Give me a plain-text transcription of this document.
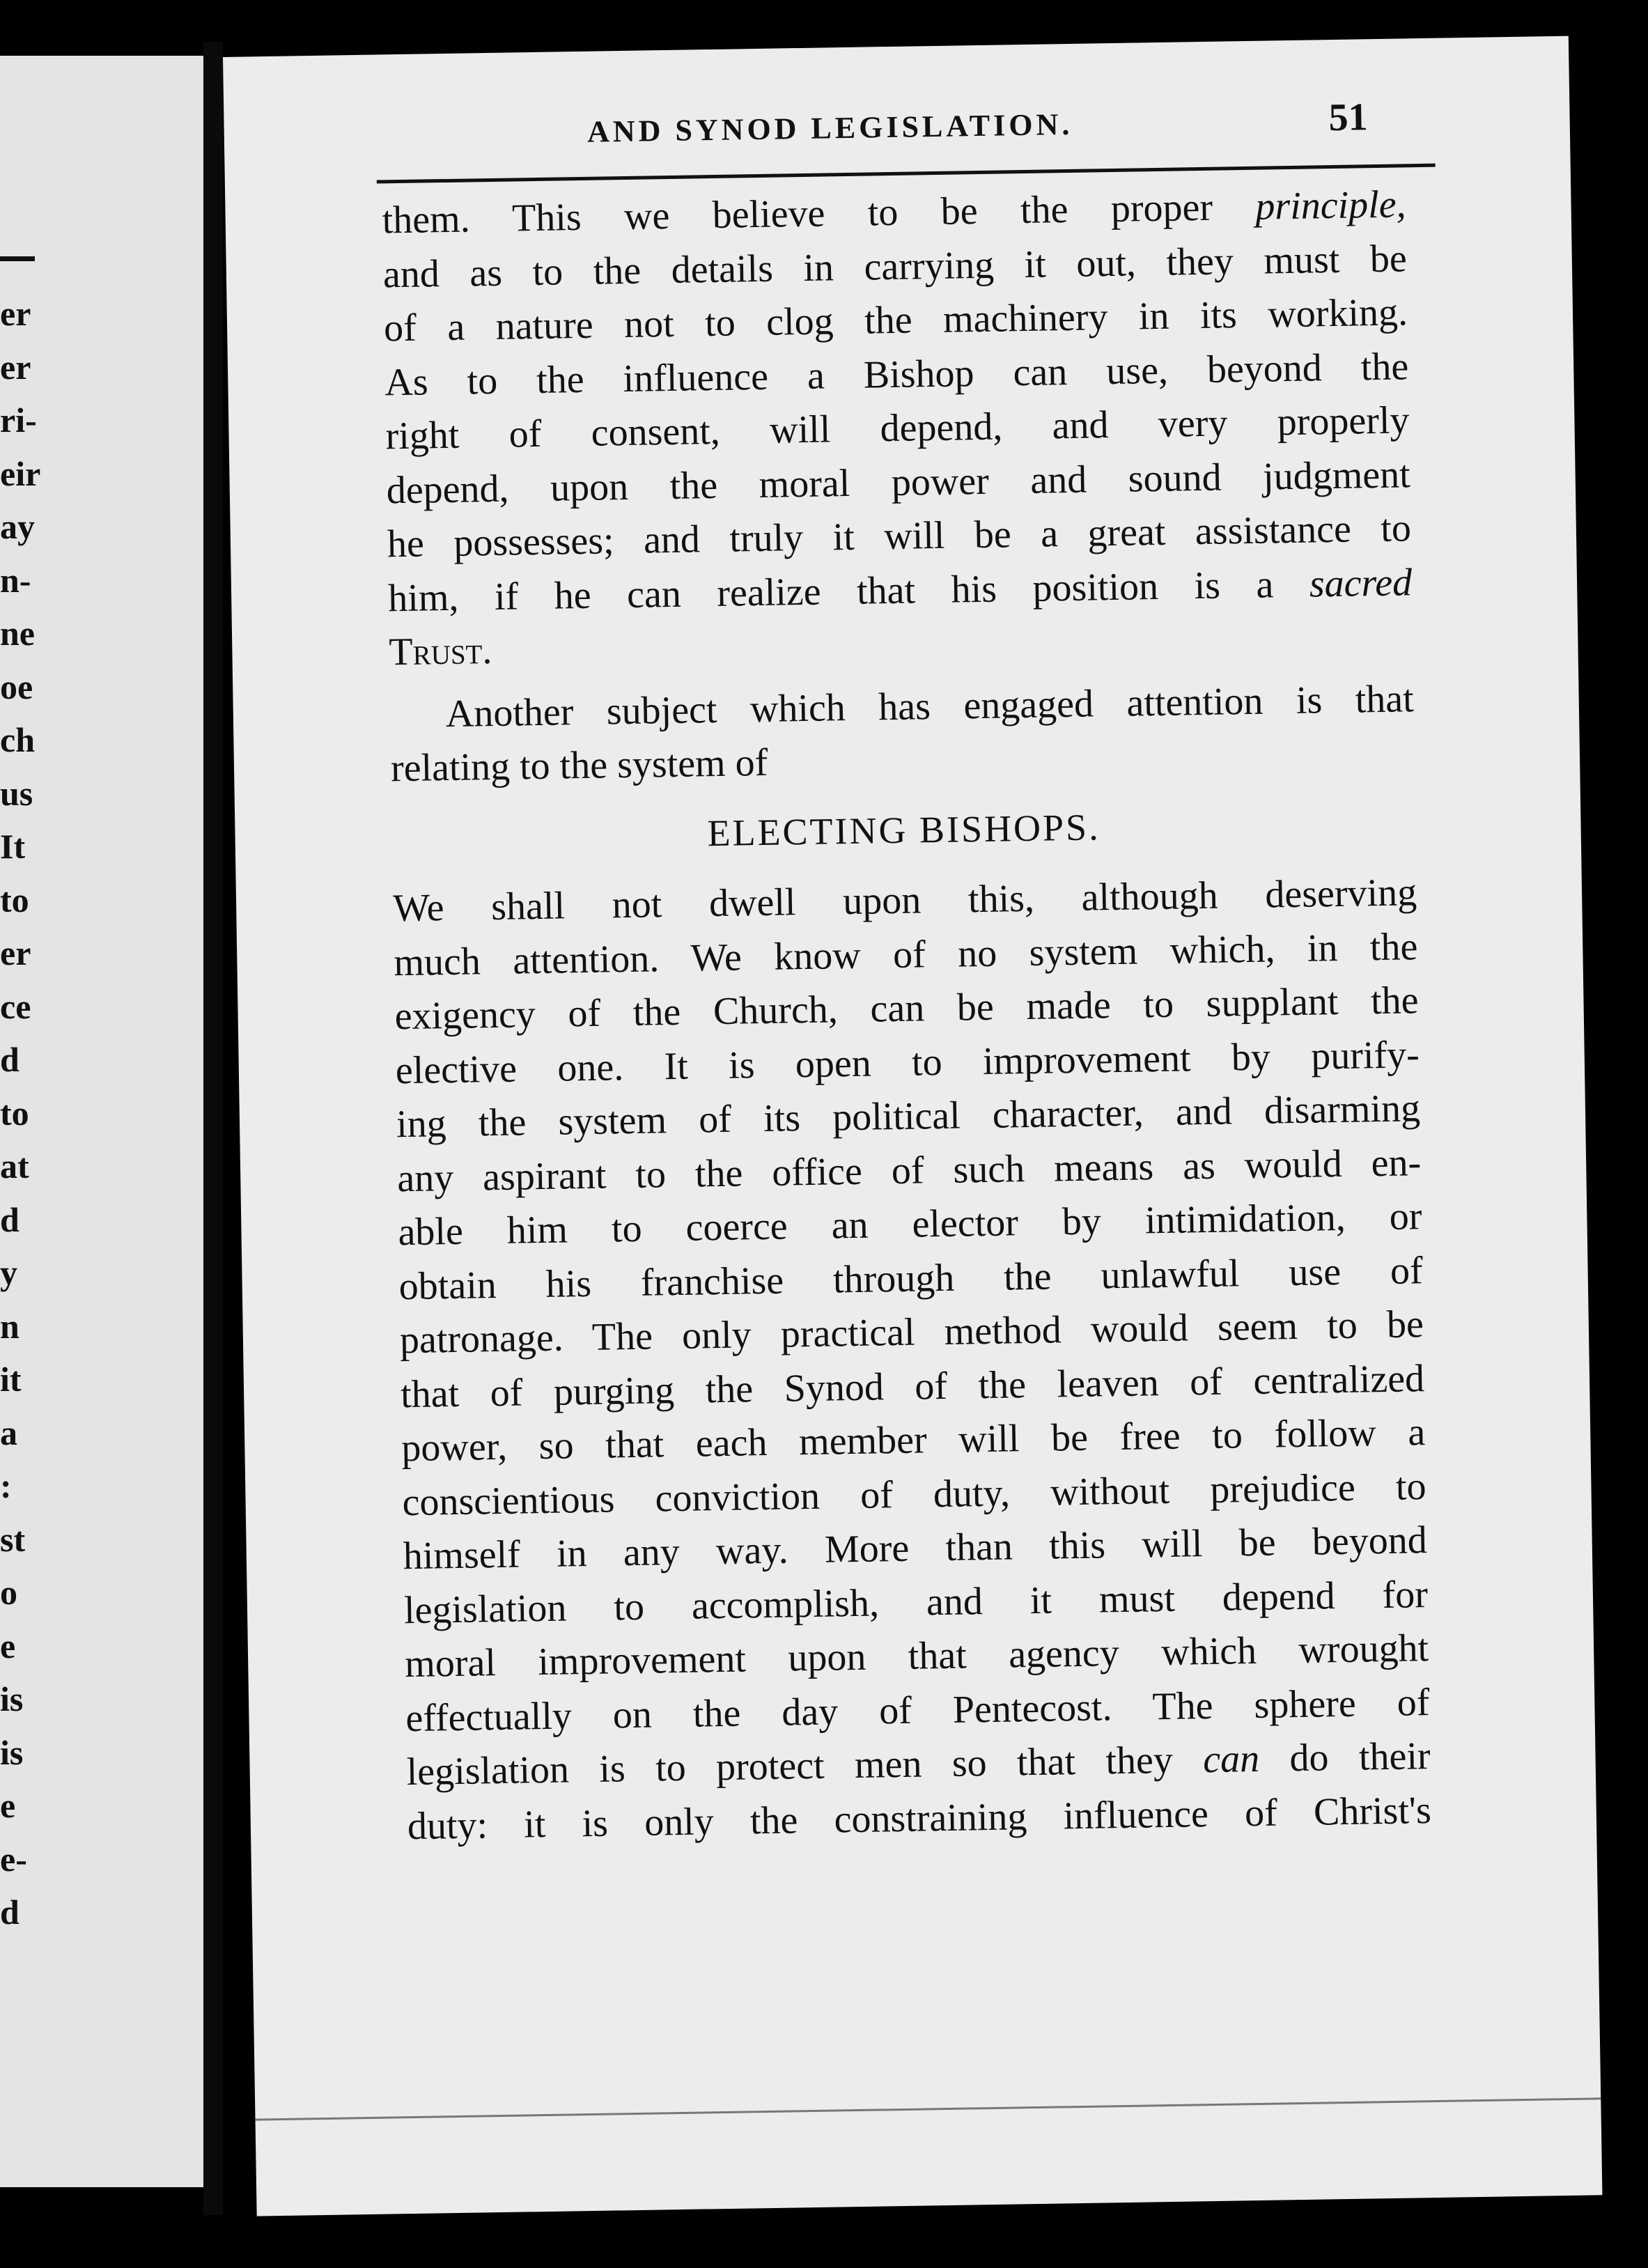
er
er
ri-
eir
ay
n-
ne
oe
ch
us
It
to
er
ce
d
to
at
d
y
n
it
a
:
st
o
e
is
is
e
e-
d
AND SYNOD LEGISLATION.	51
them. This we believe to be the proper principle,
and as to the details in carrying it out, they must be
of a nature not to clog the machinery in its working.
As to the influence a Bishop can use, beyond the
right of consent, will depend, and very properly
depend, upon the moral power and sound judgment
he possesses; and truly it will be a great assistance to
him, if he can realize that his position is a sacred
Trust.
Another subject which has engaged attention is that
relating to the system of
ELECTING BISHOPS.
We shall not dwell upon this, although deserving
much attention. We know of no system which, in the
exigency of the Church, can be made to supplant the
elective one. It is open to improvement by purify-
ing the system of its political character, and disarming
any aspirant to the office of such means as would en-
able him to coerce an elector by intimidation, or
obtain his franchise through the unlawful use of
patronage. The only practical method would seem to be
that of purging the Synod of the leaven of centralized
power, so that each member will be free to follow a
conscientious conviction of duty, without prejudice to
himself in any way. More than this will be beyond
legislation to accomplish, and it must depend for
moral improvement upon that agency which wrought
effectually on the day of Pentecost. The sphere of
legislation is to protect men so that they can do their
duty: it is only the constraining influence of Christ's
